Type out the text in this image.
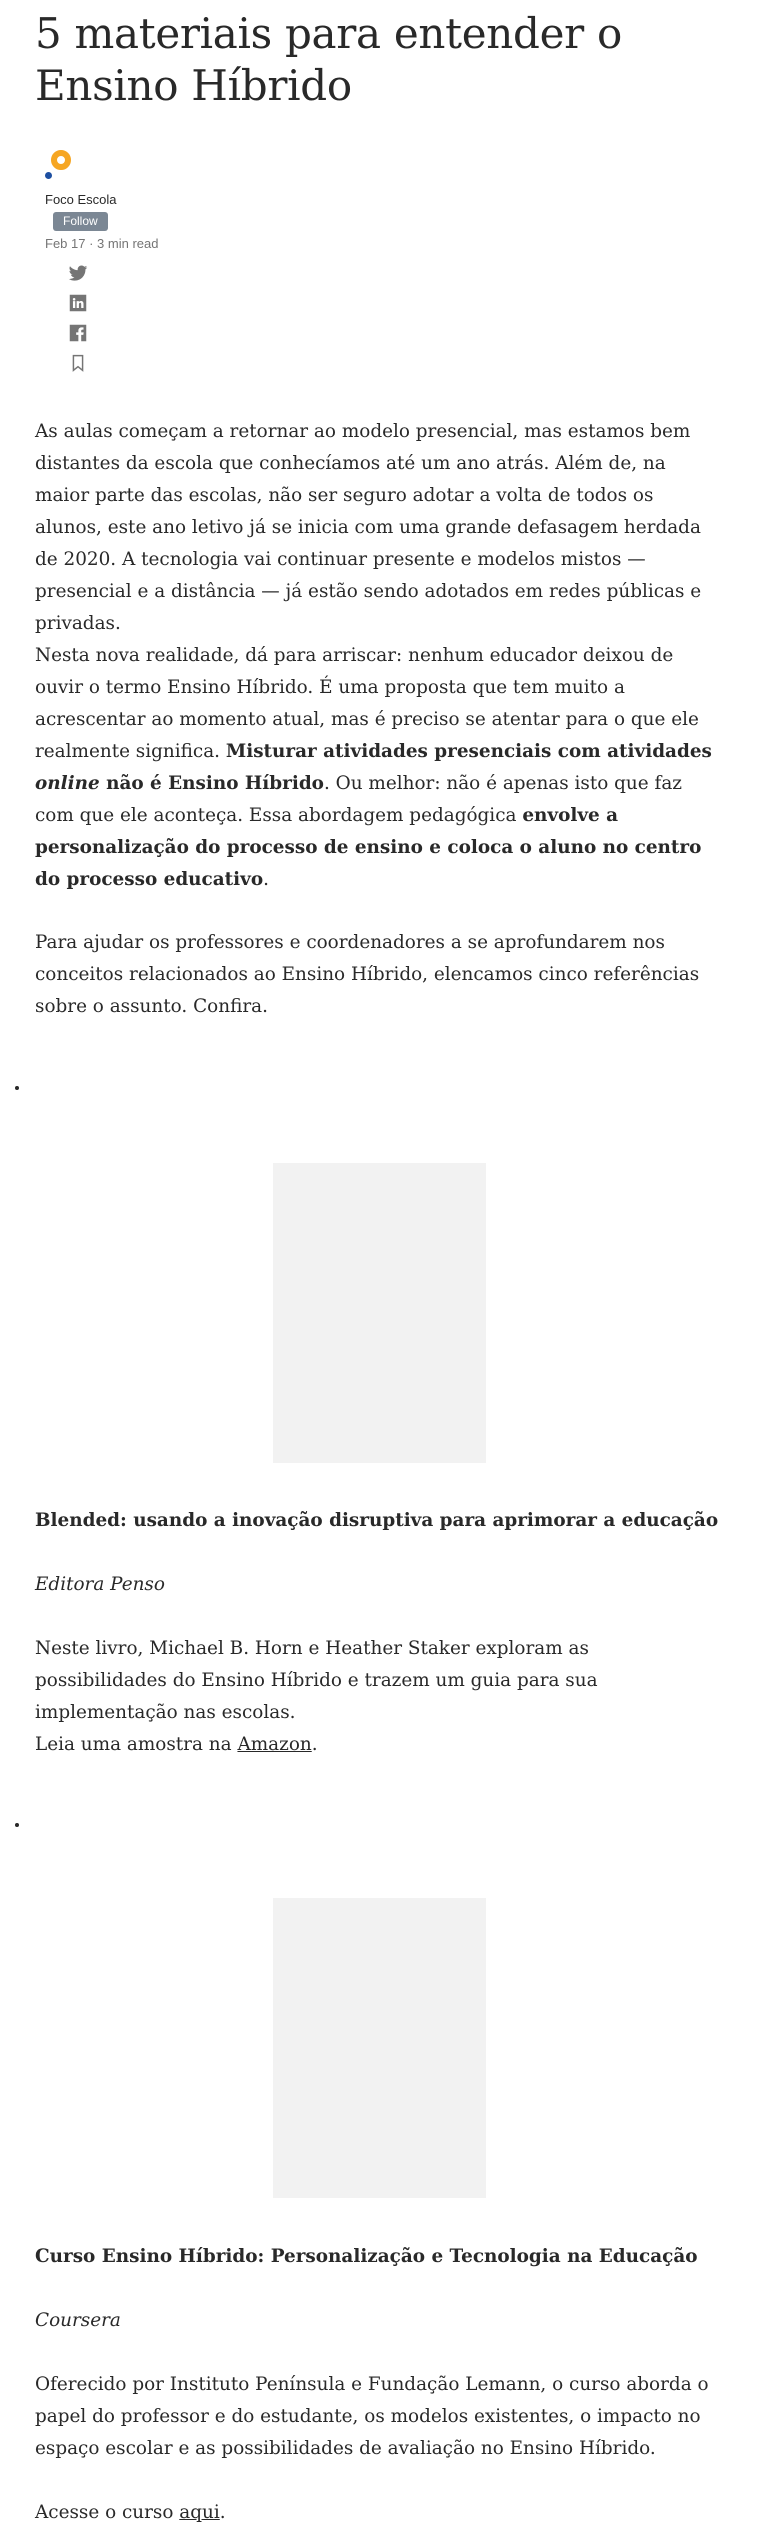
5 materiais para entender o Ensino Híbrido
Foco Escola
Follow
Feb 17 · 3 min read

As aulas começam a retornar ao modelo presencial, mas estamos bem distantes da escola que conhecíamos até um ano atrás. Além de, na maior parte das escolas, não ser seguro adotar a volta de todos os alunos, este ano letivo já se inicia com uma grande defasagem herdada de 2020. A tecnologia vai continuar presente e modelos mistos — presencial e a distância — já estão sendo adotados em redes públicas e privadas.

Nesta nova realidade, dá para arriscar: nenhum educador deixou de ouvir o termo Ensino Híbrido. É uma proposta que tem muito a acrescentar ao momento atual, mas é preciso se atentar para o que ele realmente significa. Misturar atividades presenciais com atividades online não é Ensino Híbrido. Ou melhor: não é apenas isto que faz com que ele aconteça. Essa abordagem pedagógica envolve a personalização do processo de ensino e coloca o aluno no centro do processo educativo.

Para ajudar os professores e coordenadores a se aprofundarem nos conceitos relacionados ao Ensino Híbrido, elencamos cinco referências sobre o assunto. Confira.

Blended: usando a inovação disruptiva para aprimorar a educação

Editora Penso

Neste livro, Michael B. Horn e Heather Staker exploram as possibilidades do Ensino Híbrido e trazem um guia para sua implementação nas escolas.

Leia uma amostra na Amazon.

Curso Ensino Híbrido: Personalização e Tecnologia na Educação

Coursera

Oferecido por Instituto Península e Fundação Lemann, o curso aborda o papel do professor e do estudante, os modelos existentes, o impacto no espaço escolar e as possibilidades de avaliação no Ensino Híbrido.

Acesse o curso aqui.
